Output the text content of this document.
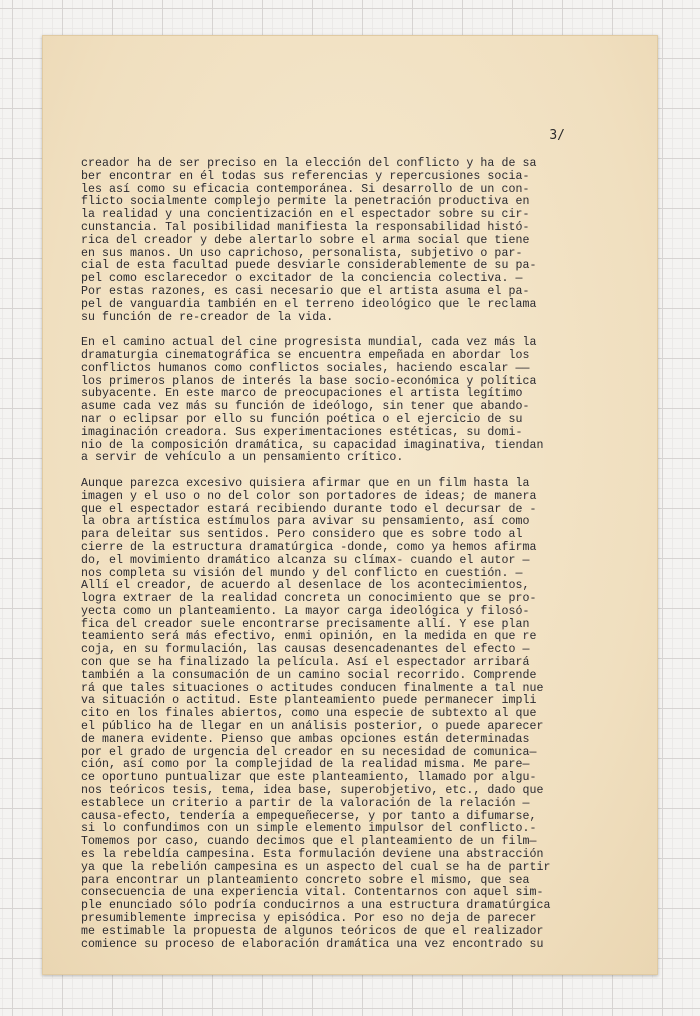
3/
creador ha de ser preciso en la elección del conflicto y ha de sa
ber encontrar en él todas sus referencias y repercusiones socia-
les así como su eficacia contemporánea. Si desarrollo de un con-
flicto socialmente complejo permite la penetración productiva en
la realidad y una concientización en el espectador sobre su cir-
cunstancia. Tal posibilidad manifiesta la responsabilidad histó-
rica del creador y debe alertarlo sobre el arma social que tiene
en sus manos. Un uso caprichoso, personalista, subjetivo o par-
cial de esta facultad puede desviarle considerablemente de su pa-
pel como esclarecedor o excitador de la conciencia colectiva. —
Por estas razones, es casi necesario que el artista asuma el pa-
pel de vanguardia también en el terreno ideológico que le reclama
su función de re-creador de la vida.
En el camino actual del cine progresista mundial, cada vez más la
dramaturgia cinematográfica se encuentra empeñada en abordar los
conflictos humanos como conflictos sociales, haciendo escalar ——
los primeros planos de interés la base socio-económica y política
subyacente. En este marco de preocupaciones el artista legítimo
asume cada vez más su función de ideólogo, sin tener que abando-
nar o eclipsar por ello su función poética o el ejercicio de su
imaginación creadora. Sus experimentaciones estéticas, su domi-
nio de la composición dramática, su capacidad imaginativa, tiendan
a servir de vehículo a un pensamiento crítico.
Aunque parezca excesivo quisiera afirmar que en un film hasta la
imagen y el uso o no del color son portadores de ideas; de manera
que el espectador estará recibiendo durante todo el decursar de -
la obra artística estímulos para avivar su pensamiento, así como
para deleitar sus sentidos. Pero considero que es sobre todo al
cierre de la estructura dramatúrgica -donde, como ya hemos afirma
do, el movimiento dramático alcanza su clímax- cuando el autor —
nos completa su visión del mundo y del conflicto en cuestión. —
Allí el creador, de acuerdo al desenlace de los acontecimientos,
logra extraer de la realidad concreta un conocimiento que se pro-
yecta como un planteamiento. La mayor carga ideológica y filosó-
fica del creador suele encontrarse precisamente allí. Y ese plan
teamiento será más efectivo, enmi opinión, en la medida en que re
coja, en su formulación, las causas desencadenantes del efecto —
con que se ha finalizado la película. Así el espectador arribará
también a la consumación de un camino social recorrido. Comprende
rá que tales situaciones o actitudes conducen finalmente a tal nue
va situación o actitud. Este planteamiento puede permanecer impli
cito en los finales abiertos, como una especie de subtexto al que
el público ha de llegar en un análisis posterior, o puede aparecer
de manera evidente. Pienso que ambas opciones están determinadas
por el grado de urgencia del creador en su necesidad de comunica—
ción, así como por la complejidad de la realidad misma. Me pare—
ce oportuno puntualizar que este planteamiento, llamado por algu-
nos teóricos tesis, tema, idea base, superobjetivo, etc., dado que
establece un criterio a partir de la valoración de la relación —
causa-efecto, tendería a empequeñecerse, y por tanto a difumarse,
si lo confundimos con un simple elemento impulsor del conflicto.-
Tomemos por caso, cuando decimos que el planteamiento de un film—
es la rebeldía campesina. Esta formulación deviene una abstracción
ya que la rebelión campesina es un aspecto del cual se ha de partir
para encontrar un planteamiento concreto sobre el mismo, que sea
consecuencia de una experiencia vital. Contentarnos con aquel sim-
ple enunciado sólo podría conducirnos a una estructura dramatúrgica
presumiblemente imprecisa y episódica. Por eso no deja de parecer
me estimable la propuesta de algunos teóricos de que el realizador
comience su proceso de elaboración dramática una vez encontrado su
